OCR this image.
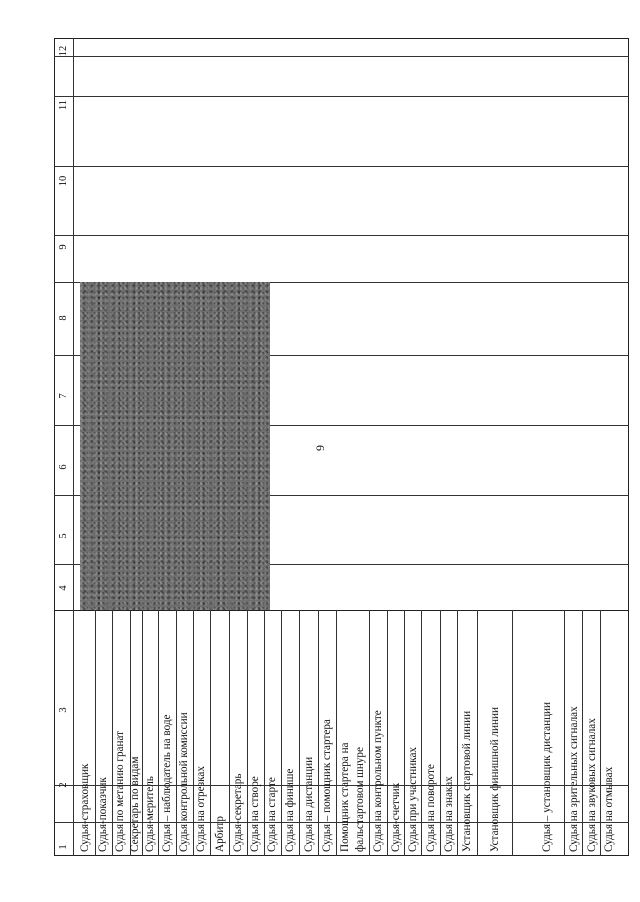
9
1
2
3
4
5
6
7
8
9
10
11
12
Судья-страховщик Судья-показчик Судья по метанию гранат Секретарь по видам Судья-меритель Судья – наблюдатель на воде Судья контрольной комиссии Судья на отрезках Арбитр Судья-секретарь Судья на створе Судья на старте Судья на финише Судья на дистанции Судья – помощник стартера Помощник стартера на фальстартовом шнуре Судья на контрольном пункте Судья-счетчик Судья при участниках Судья на повороте Судья на знаках Установщик стартовой линии Установщик финишной линии	Судья – установщик дистанции Судья на зрительных сигналах Судья на звуковых сигналах Судья на отмывах
